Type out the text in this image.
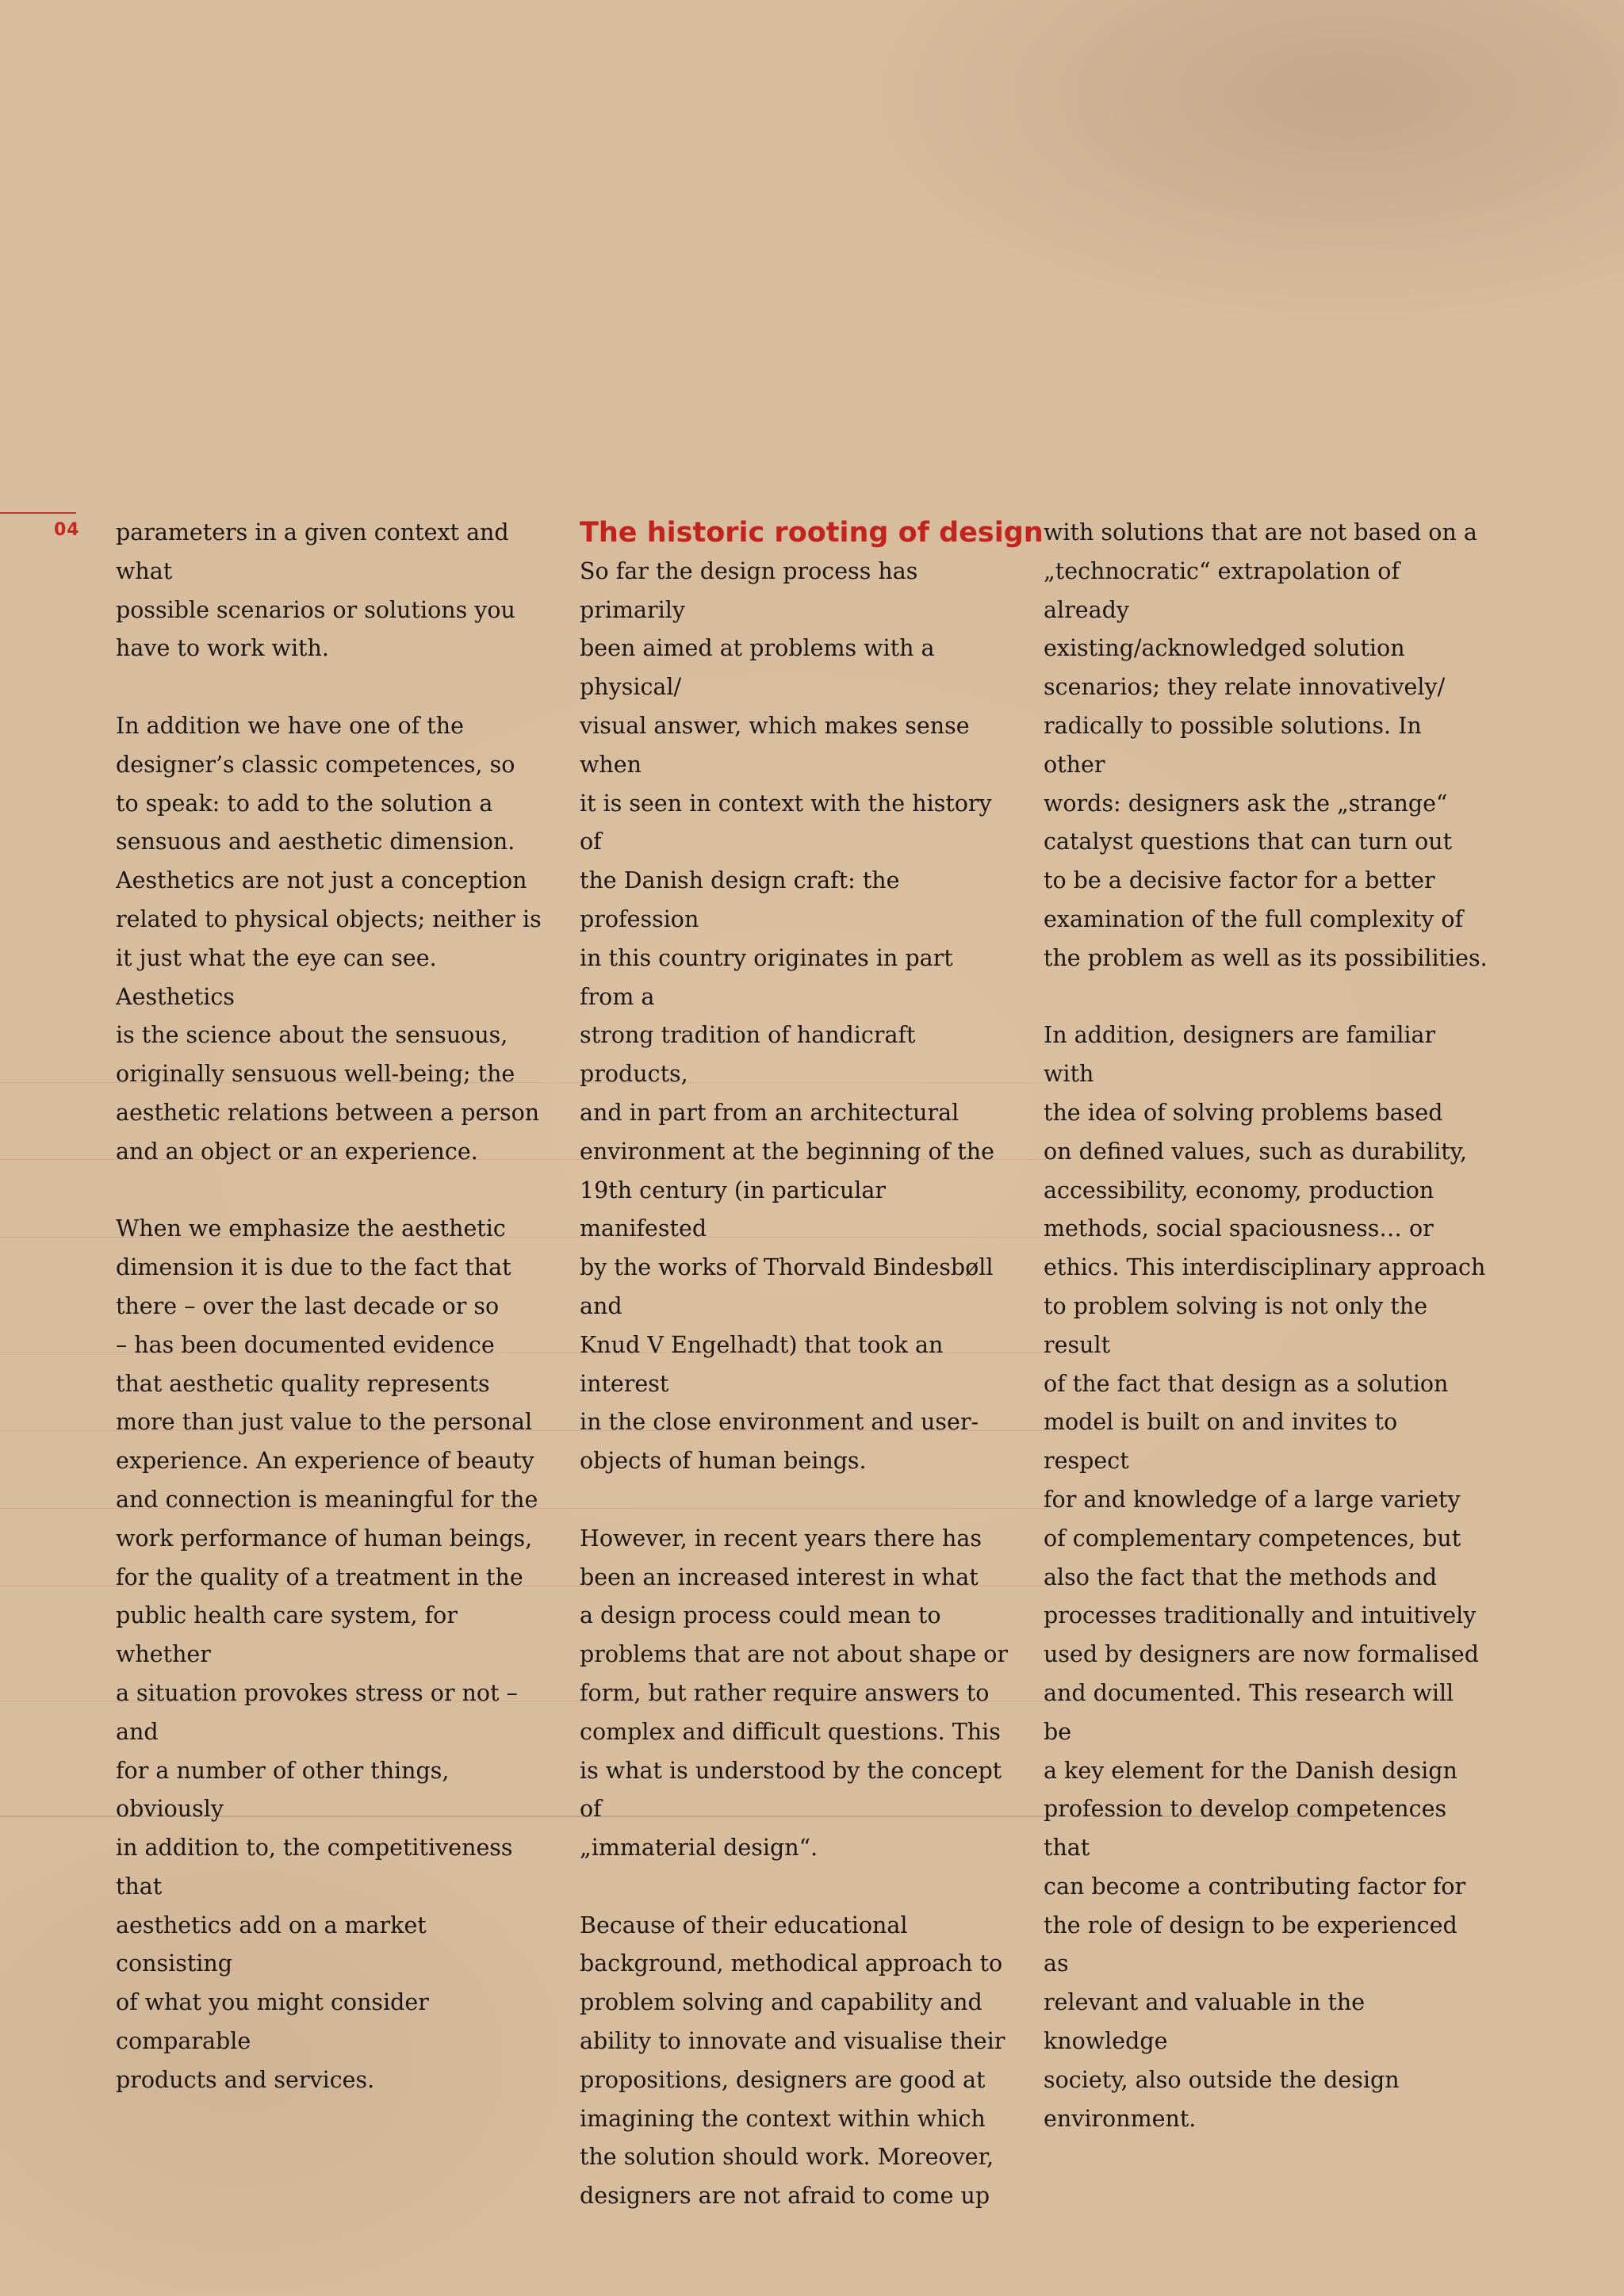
04 parameters in a given context and what
possible scenarios or solutions you
have to work with.

In addition we have one of the
designer’s classic competences, so
to speak: to add to the solution a
sensuous and aesthetic dimension.
Aesthetics are not just a conception
related to physical objects; neither is
it just what the eye can see. Aesthetics
is the science about the sensuous,
originally sensuous well-being; the
aesthetic relations between a person
and an object or an experience.

When we emphasize the aesthetic
dimension it is due to the fact that
there – over the last decade or so
– has been documented evidence
that aesthetic quality represents
more than just value to the personal
experience. An experience of beauty
and connection is meaningful for the
work performance of human beings,
for the quality of a treatment in the
public health care system, for whether
a situation provokes stress or not – and
for a number of other things, obviously
in addition to, the competitiveness that
aesthetics add on a market consisting
of what you might consider comparable
products and services.

The historic rooting of design

So far the design process has primarily
been aimed at problems with a physical/
visual answer, which makes sense when
it is seen in context with the history of
the Danish design craft: the profession
in this country originates in part from a
strong tradition of handicraft products,
and in part from an architectural
environment at the beginning of the
19th century (in particular manifested
by the works of Thorvald Bindesbøll and
Knud V Engelhadt) that took an interest
in the close environment and user-
objects of human beings.

However, in recent years there has
been an increased interest in what
a design process could mean to
problems that are not about shape or
form, but rather require answers to
complex and difficult questions. This
is what is understood by the concept of
„immaterial design“.

Because of their educational
background, methodical approach to
problem solving and capability and
ability to innovate and visualise their
propositions, designers are good at
imagining the context within which
the solution should work. Moreover,
designers are not afraid to come up

with solutions that are not based on a
„technocratic“ extrapolation of already
existing/acknowledged solution
scenarios; they relate innovatively/
radically to possible solutions. In other
words: designers ask the „strange“
catalyst questions that can turn out
to be a decisive factor for a better
examination of the full complexity of
the problem as well as its possibilities.

In addition, designers are familiar with
the idea of solving problems based
on defined values, such as durability,
accessibility, economy, production
methods, social spaciousness… or
ethics. This interdisciplinary approach
to problem solving is not only the result
of the fact that design as a solution
model is built on and invites to respect
for and knowledge of a large variety
of complementary competences, but
also the fact that the methods and
processes traditionally and intuitively
used by designers are now formalised
and documented. This research will be
a key element for the Danish design
profession to develop competences that
can become a contributing factor for
the role of design to be experienced as
relevant and valuable in the knowledge
society, also outside the design
environment.
